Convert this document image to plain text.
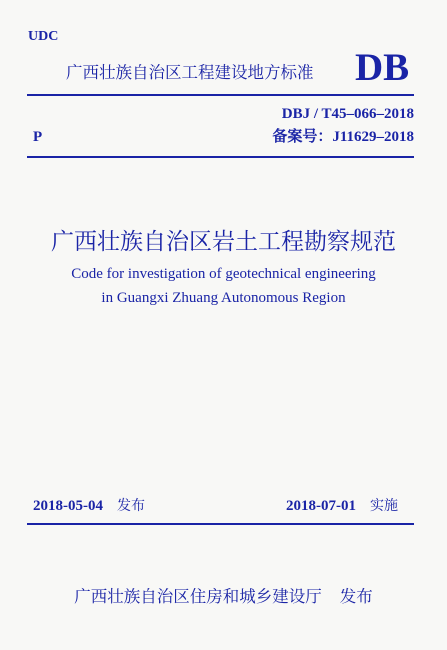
UDC
广西壮族自治区工程建设地方标准 DB
DBJ / T45–066–2018
P	备案号：J11629–2018
广西壮族自治区岩土工程勘察规范
Code for investigation of geotechnical engineering
in Guangxi Zhuang Autonomous Region
2018-05-04 发布	2018-07-01 实施
广西壮族自治区住房和城乡建设厅 发布
